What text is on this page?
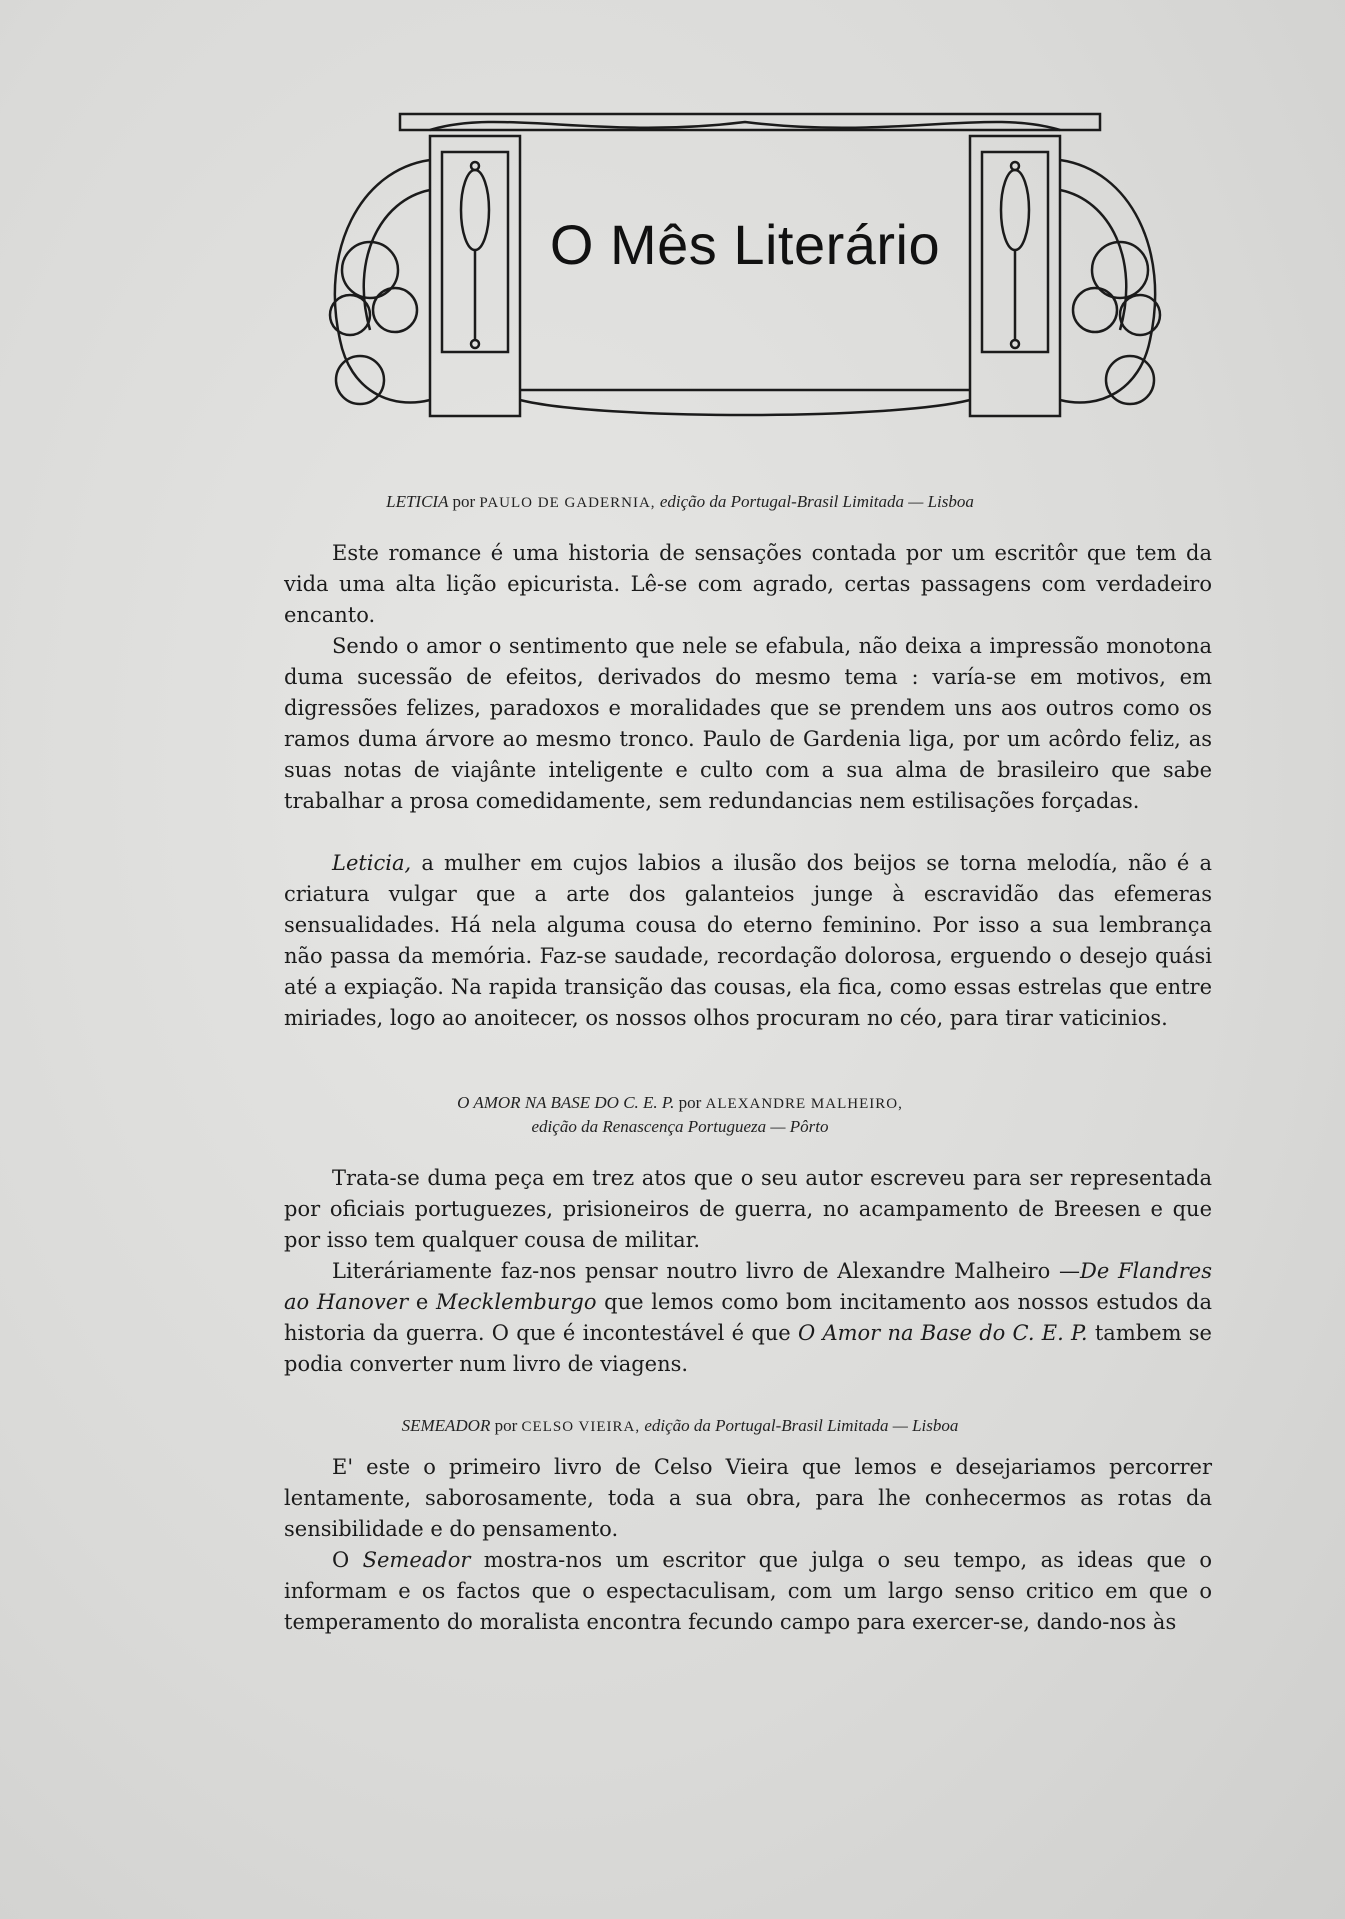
O Mês Literário
LETICIA por PAULO DE GADERNIA, edição da Portugal-Brasil Limitada — Lisboa
Este romance é uma historia de sensações contada por um escritôr que tem da vida uma alta lição epicurista. Lê-se com agrado, certas passagens com verdadeiro encanto.
Sendo o amor o sentimento que nele se efabula, não deixa a impressão monotona duma sucessão de efeitos, derivados do mesmo tema : varía-se em motivos, em digressões felizes, paradoxos e moralidades que se prendem uns aos outros como os ramos duma árvore ao mesmo tronco. Paulo de Gardenia liga, por um acôrdo feliz, as suas notas de viajânte inteligente e culto com a sua alma de brasileiro que sabe trabalhar a prosa comedidamente, sem redundancias nem estilisações forçadas.
Leticia, a mulher em cujos labios a ilusão dos beijos se torna melodía, não é a criatura vulgar que a arte dos galanteios junge à escravidão das efemeras sensualidades. Há nela alguma cousa do eterno feminino. Por isso a sua lembrança não passa da memória. Faz-se saudade, recordação dolorosa, erguendo o desejo quási até a expiação. Na rapida transição das cousas, ela fica, como essas estrelas que entre miriades, logo ao anoitecer, os nossos olhos procuram no céo, para tirar vaticinios.
O AMOR NA BASE DO C. E. P. por ALEXANDRE MALHEIRO,
edição da Renascença Portugueza — Pôrto
Trata-se duma peça em trez atos que o seu autor escreveu para ser representada por oficiais portuguezes, prisioneiros de guerra, no acampamento de Breesen e que por isso tem qualquer cousa de militar.
Literáriamente faz-nos pensar noutro livro de Alexandre Malheiro —De Flandres ao Hanover e Mecklemburgo que lemos como bom incitamento aos nossos estudos da historia da guerra. O que é incontestável é que O Amor na Base do C. E. P. tambem se podia converter num livro de viagens.
SEMEADOR por CELSO VIEIRA, edição da Portugal-Brasil Limitada — Lisboa
E' este o primeiro livro de Celso Vieira que lemos e desejariamos percorrer lentamente, saborosamente, toda a sua obra, para lhe conhecermos as rotas da sensibilidade e do pensamento.
O Semeador mostra-nos um escritor que julga o seu tempo, as ideas que o informam e os factos que o espectaculisam, com um largo senso critico em que o temperamento do moralista encontra fecundo campo para exercer-se, dando-nos às
